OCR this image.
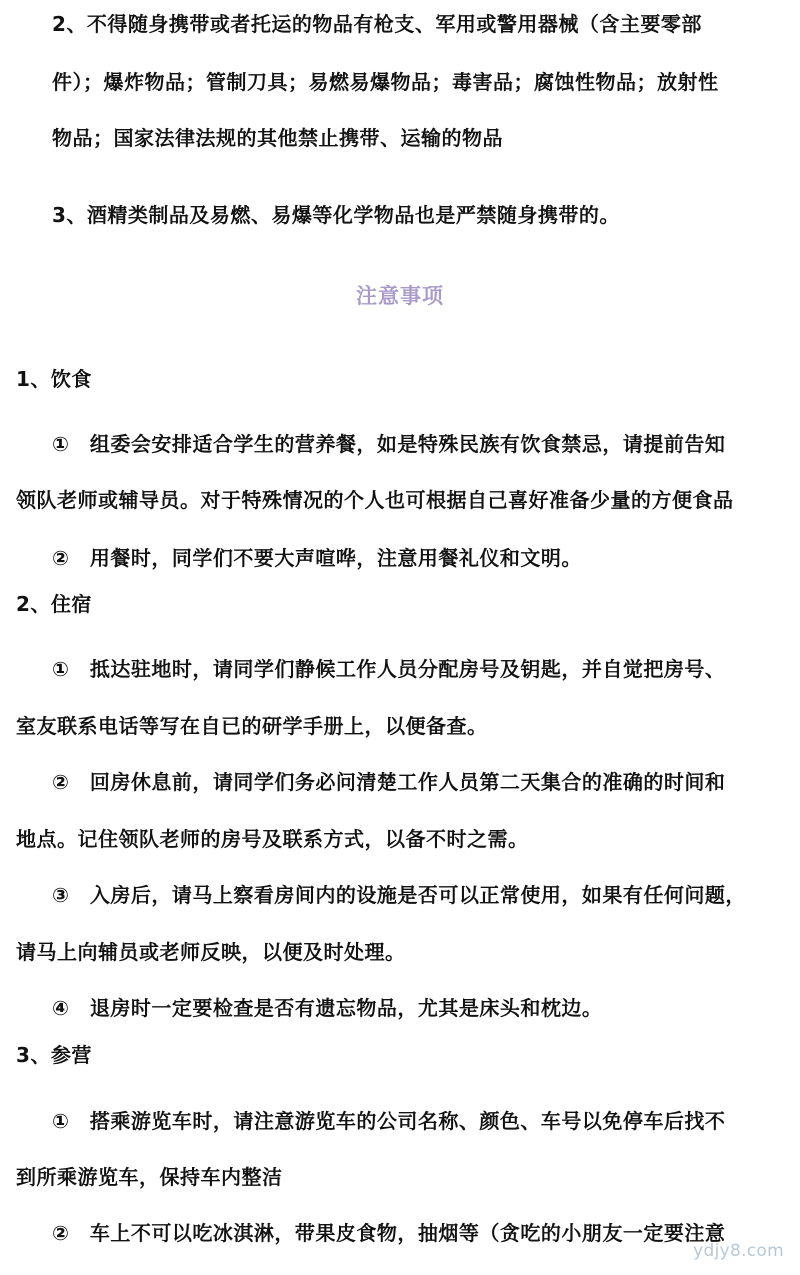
2、不得随身携带或者托运的物品有枪支、军用或警用器械（含主要零部
件）；爆炸物品；管制刀具；易燃易爆物品；毒害品；腐蚀性物品；放射性
物品；国家法律法规的其他禁止携带、运输的物品
3、酒精类制品及易燃、易爆等化学物品也是严禁随身携带的。
注意事项
1、饮食
①　组委会安排适合学生的营养餐，如是特殊民族有饮食禁忌，请提前告知
领队老师或辅导员。对于特殊情况的个人也可根据自己喜好准备少量的方便食品
②　用餐时，同学们不要大声喧哗，注意用餐礼仪和文明。
2、住宿
①　抵达驻地时，请同学们静候工作人员分配房号及钥匙，并自觉把房号、
室友联系电话等写在自已的研学手册上，以便备查。
②　回房休息前，请同学们务必问清楚工作人员第二天集合的准确的时间和
地点。记住领队老师的房号及联系方式，以备不时之需。
③　入房后，请马上察看房间内的设施是否可以正常使用，如果有任何问题，
请马上向辅员或老师反映，以便及时处理。
④　退房时一定要检查是否有遗忘物品，尤其是床头和枕边。
3、参营
①　搭乘游览车时，请注意游览车的公司名称、颜色、车号以免停车后找不
到所乘游览车，保持车内整洁
②　车上不可以吃冰淇淋，带果皮食物，抽烟等（贪吃的小朋友一定要注意
ydjy8.com
